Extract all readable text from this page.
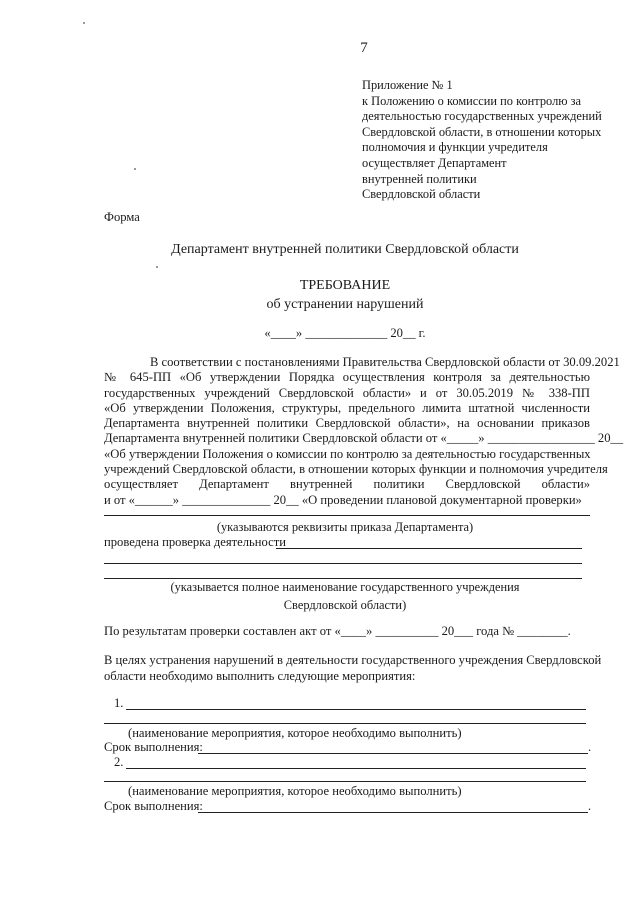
7
Приложение № 1
к Положению о комиссии по контролю за
деятельностью государственных учреждений
Свердловской области, в отношении которых
полномочия и функции учредителя
осуществляет Департамент
внутренней политики
Свердловской области
Форма
Департамент внутренней политики Свердловской области
ТРЕБОВАНИЕ
об устранении нарушений
«____» _____________ 20__ г.
В соответствии с постановлениями Правительства Свердловской области от 30.09.2021
№ 645-ПП «Об утверждении Порядка осуществления контроля за деятельностью
государственных учреждений Свердловской области» и от 30.05.2019 № 338-ПП
«Об утверждении Положения, структуры, предельного лимита штатной численности
Департамента внутренней политики Свердловской области», на основании приказов
Департамента внутренней политики Свердловской области от «_____» _________________ 20__
«Об утверждении Положения о комиссии по контролю за деятельностью государственных
учреждений Свердловской области, в отношении которых функции и полномочия учредителя
осуществляет Департамент внутренней политики Свердловской области»
и от «______» ______________ 20__ «О проведении плановой документарной проверки»
(указываются реквизиты приказа Департамента)
проведена проверка деятельности
(указывается полное наименование государственного учреждения
Свердловской области)
По результатам проверки составлен акт от «____» __________ 20___ года № ________.
В целях устранения нарушений в деятельности государственного учреждения Свердловской
области необходимо выполнить следующие мероприятия:
1.
(наименование мероприятия, которое необходимо выполнить)
Срок выполнения:	.
2.
(наименование мероприятия, которое необходимо выполнить)
Срок выполнения:	.
